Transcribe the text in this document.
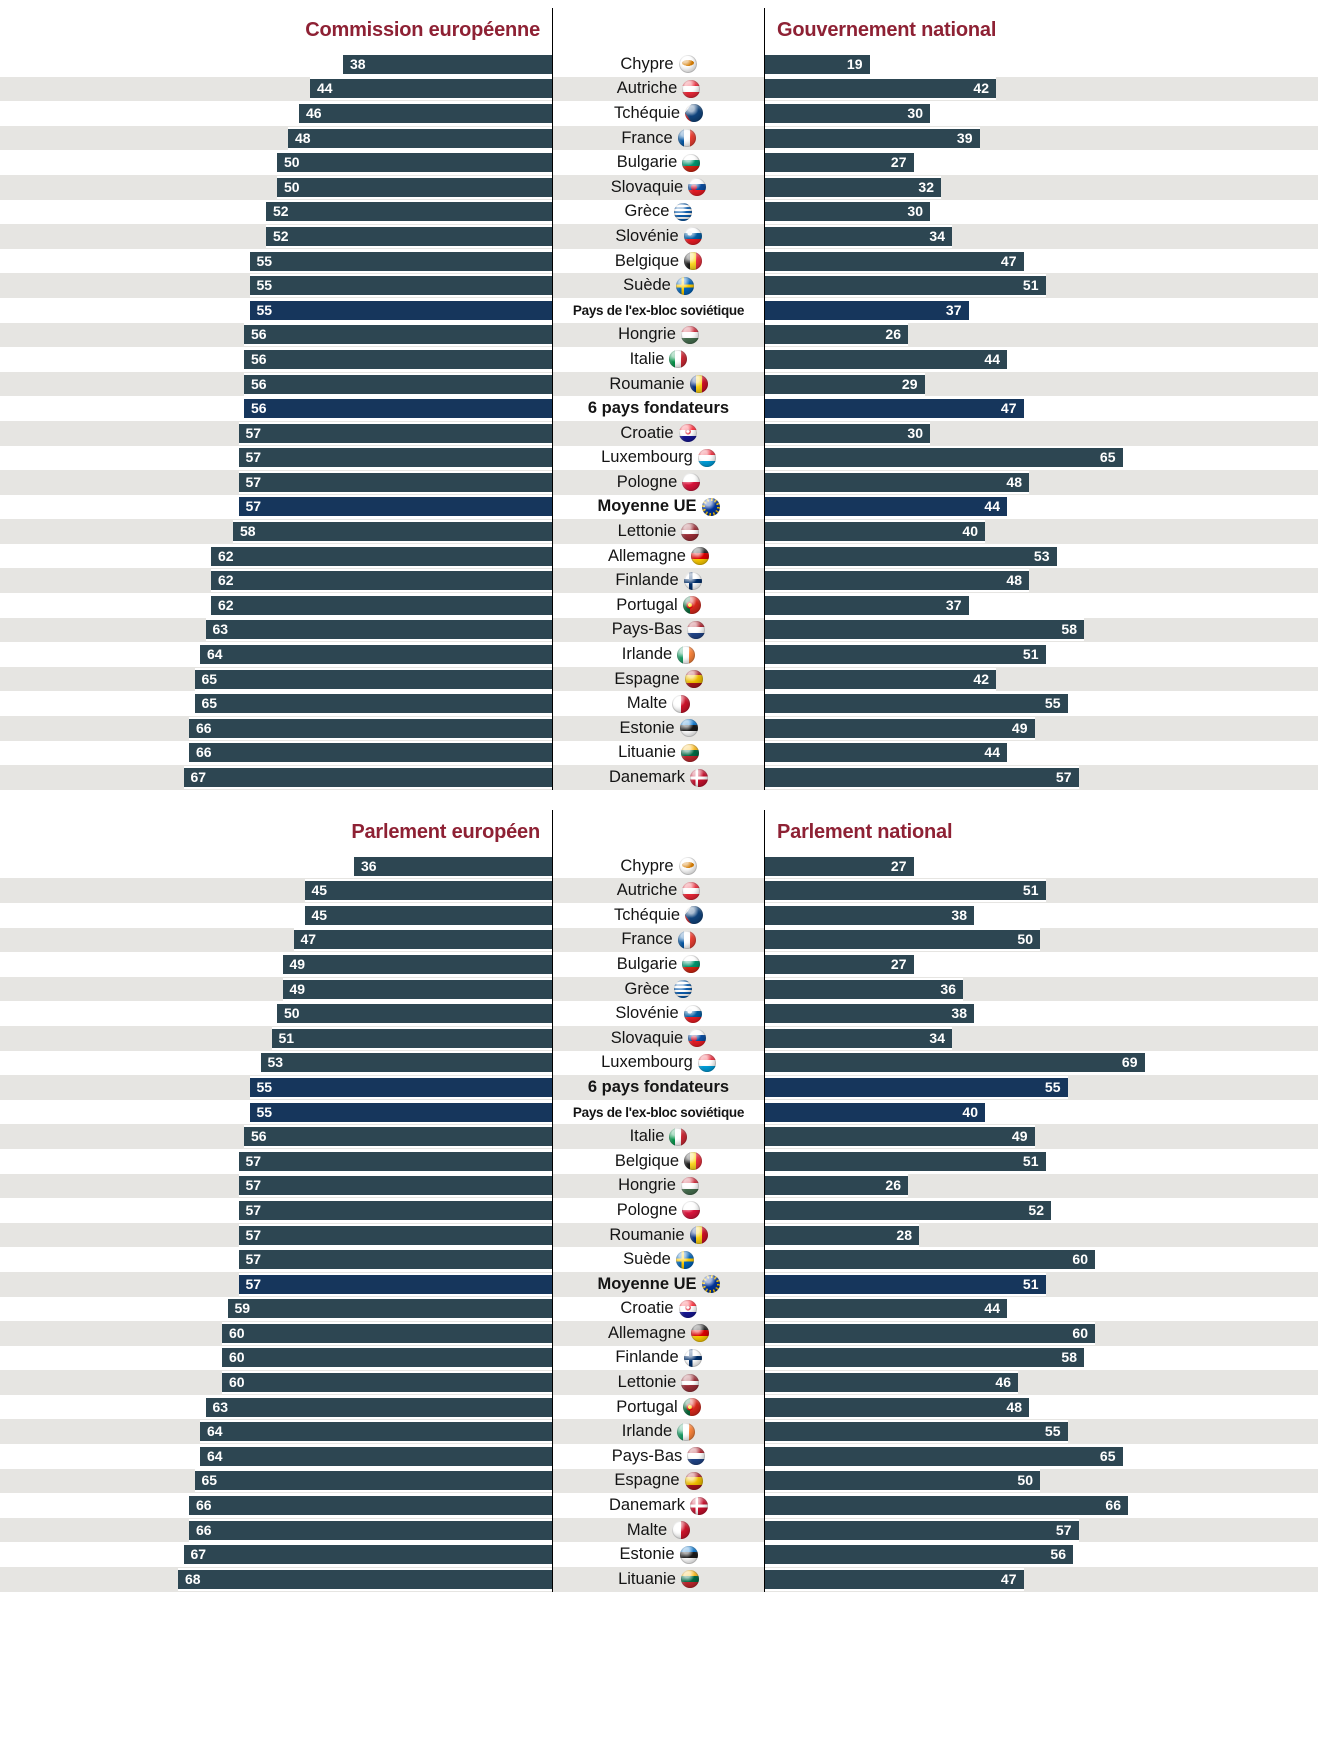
Commission européenne	Gouvernement national
38	Chypre	19
44	Autriche	42
46	Tchéquie	30
48	France	39
50	Bulgarie	27
50	Slovaquie	32
52	Grèce	30
52	Slovénie	34
55	Belgique	47
55	Suède	51
55	Pays de l'ex-bloc soviétique	37
56	Hongrie	26
56	Italie	44
56	Roumanie	29
56	6 pays fondateurs	47
57	Croatie	30
57	Luxembourg	65
57	Pologne	48
57	Moyenne UE	44
58	Lettonie	40
62	Allemagne	53
62	Finlande	48
62	Portugal	37
63	Pays-Bas	58
64	Irlande	51
65	Espagne	42
65	Malte	55
66	Estonie	49
66	Lituanie	44
67	Danemark	57
Parlement européen	Parlement national
36	Chypre	27
45	Autriche	51
45	Tchéquie	38
47	France	50
49	Bulgarie	27
49	Grèce	36
50	Slovénie	38
51	Slovaquie	34
53	Luxembourg	69
55	6 pays fondateurs	55
55	Pays de l'ex-bloc soviétique	40
56	Italie	49
57	Belgique	51
57	Hongrie	26
57	Pologne	52
57	Roumanie	28
57	Suède	60
57	Moyenne UE	51
59	Croatie	44
60	Allemagne	60
60	Finlande	58
60	Lettonie	46
63	Portugal	48
64	Irlande	55
64	Pays-Bas	65
65	Espagne	50
66	Danemark	66
66	Malte	57
67	Estonie	56
68	Lituanie	47
